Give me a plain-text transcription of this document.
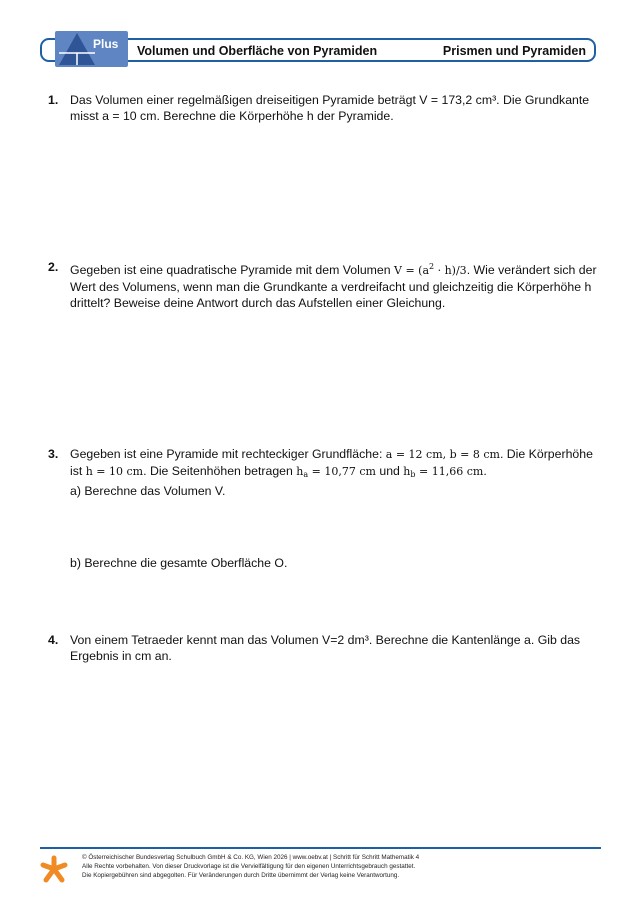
Plus Volumen und Oberfläche von Pyramiden	Prismen und Pyramiden
1. Das Volumen einer regelmäßigen dreiseitigen Pyramide beträgt V = 173,2 cm³. Die Grundkante

misst a = 10 cm. Berechne die Körperhöhe h der Pyramide.

2. Gegeben ist eine quadratische Pyramide mit dem Volumen $V = (a^2 \cdot h)/3$. Wie verändert sich der

Wert des Volumens, wenn man die Grundkante a verdreifacht und gleichzeitig die Körperhöhe h

drittelt? Beweise deine Antwort durch das Aufstellen einer Gleichung.

3. Gegeben ist eine Pyramide mit rechteckiger Grundfläche: a = 12 cm, b = 8 cm. Die Körperhöhe

ist h = 10 cm. Die Seitenhöhen betragen $h_a = 10,77$ cm und $h_b = 11,66$ cm.

a) Berechne das Volumen V.

b) Berechne die gesamte Oberfläche O.

4. Von einem Tetraeder kennt man das Volumen V=2 dm³. Berechne die Kantenlänge a. Gib das

Ergebnis in cm an.

© Österreichischer Bundesverlag Schulbuch GmbH & Co. KG, Wien 2026 | www.oebv.at | Schritt für Schritt Mathematik 4
Alle Rechte vorbehalten. Von dieser Druckvorlage ist die Vervielfältigung für den eigenen Unterrichtsgebrauch gestattet.
Die Kopiergebühren sind abgegolten. Für Veränderungen durch Dritte übernimmt der Verlag keine Verantwortung.
